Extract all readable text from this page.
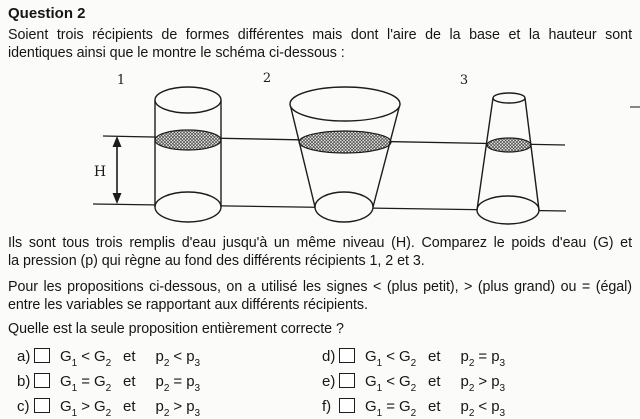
Question 2
Soient trois récipients de formes différentes mais dont l'aire de la base et la hauteur sont
identiques ainsi que le montre le schéma ci-dessous :
1	2	3
H
Ils sont tous trois remplis d'eau jusqu'à un même niveau (H). Comparez le poids d'eau (G) et
la pression (p) qui règne au fond des différents récipients 1, 2 et 3.
Pour les propositions ci-dessous, on a utilisé les signes < (plus petit), > (plus grand) ou = (égal)
entre les variables se rapportant aux différents récipients.
Quelle est la seule proposition entièrement correcte ?
a) $G_1 < G_2$ et $p_2 < p_3$
b) $G_1 = G_2$ et $p_2 = p_3$
c)	$G_1 > G_2$ et $p_2 > p_3$
d) $G_1 < G_2$ et $p_2 = p_3$
e) $G_1 < G_2$ et $p_2 > p_3$
f)	$G_1 = G_2$ et $p_2 < p_3$
